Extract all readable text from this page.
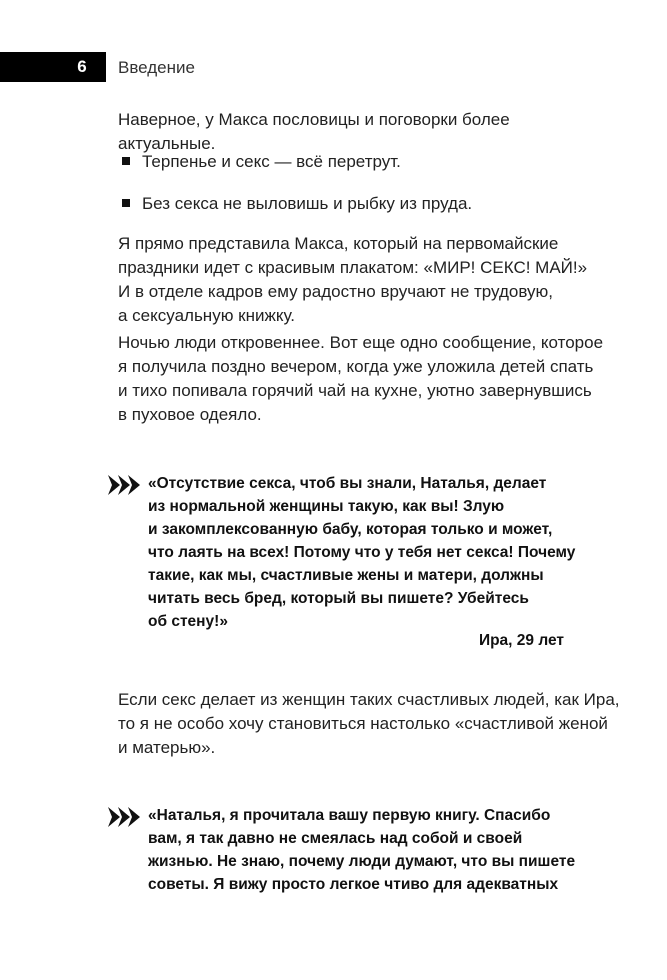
6	Введение

Наверное, у Макса пословицы и поговорки более актуальные.

Терпенье и секс — всё перетрут.
Без секса не выловишь и рыбку из пруда.
Я прямо представила Макса, который на первомайские
праздники идет с красивым плакатом: «МИР! СЕКС! МАЙ!»
И в отделе кадров ему радостно вручают не трудовую,
а сексуальную книжку.
Ночью люди откровеннее. Вот еще одно сообщение, которое
я получила поздно вечером, когда уже уложила детей спать
и тихо попивала горячий чай на кухне, уютно завернувшись
в пуховое одеяло.
«Отсутствие секса, чтоб вы знали, Наталья, делает
из нормальной женщины такую, как вы! Злую
и закомплексованную бабу, которая только и может,
что лаять на всех! Потому что у тебя нет секса! Почему
такие, как мы, счастливые жены и матери, должны
читать весь бред, который вы пишете? Убейтесь
об стену!»
Ира, 29 лет
Если секс делает из женщин таких счастливых людей, как Ира,
то я не особо хочу становиться настолько «счастливой женой
и матерью».
«Наталья, я прочитала вашу первую книгу. Спасибо
вам, я так давно не смеялась над собой и своей
жизнью. Не знаю, почему люди думают, что вы пишете
советы. Я вижу просто легкое чтиво для адекватных
